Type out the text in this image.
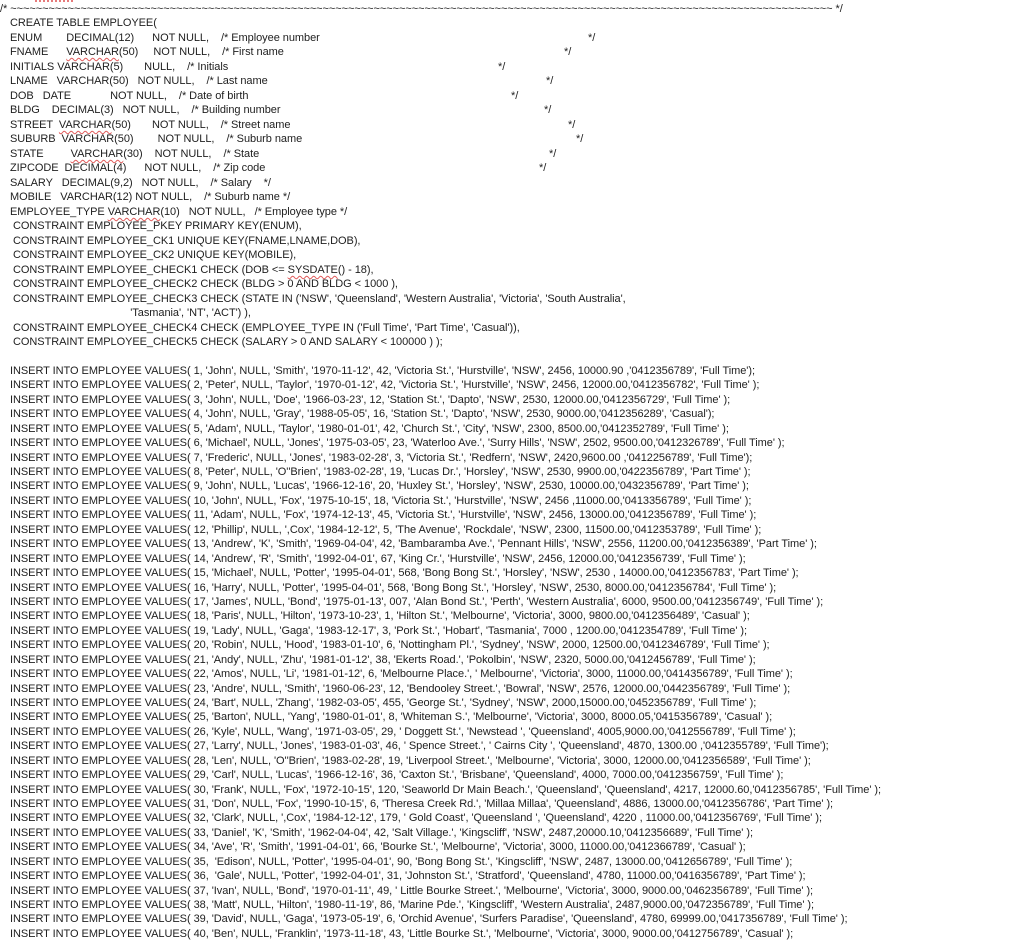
/* ~~~~~~~~~~~~~~~~~~~~~~~~~~~~~~~~~~~~~~~~~~~~~~~~~~~~~~~~~~~~~~~~~~~~~~~~~~~~~~~~~~~~~~~~~~~~~~~~~~~~~~~~~~~~~~~~~~~~~~~~~~~~~~~~~ */
CREATE TABLE EMPLOYEE(
ENUM        DECIMAL(12)      NOT NULL,    /* Employee number	*/
FNAME      VARCHAR(50)     NOT NULL,    /* First name	*/
INITIALS VARCHAR(5)       NULL,    /* Initials	*/
LNAME   VARCHAR(50)   NOT NULL,    /* Last name	*/
DOB   DATE             NOT NULL,    /* Date of birth	*/
BLDG    DECIMAL(3)   NOT NULL,    /* Building number	*/
STREET  VARCHAR(50)       NOT NULL,    /* Street name	*/
SUBURB  VARCHAR(50)        NOT NULL,    /* Suburb name	*/
STATE         VARCHAR(30)    NOT NULL,    /* State	*/
ZIPCODE  DECIMAL(4)      NOT NULL,    /* Zip code	*/
SALARY   DECIMAL(9,2)   NOT NULL,    /* Salary    */
MOBILE   VARCHAR(12) NOT NULL,    /* Suburb name */
EMPLOYEE_TYPE VARCHAR(10)   NOT NULL,   /* Employee type */
CONSTRAINT EMPLOYEE_PKEY PRIMARY KEY(ENUM),
CONSTRAINT EMPLOYEE_CK1 UNIQUE KEY(FNAME,LNAME,DOB),
CONSTRAINT EMPLOYEE_CK2 UNIQUE KEY(MOBILE),
CONSTRAINT EMPLOYEE_CHECK1 CHECK (DOB <= SYSDATE() - 18),
CONSTRAINT EMPLOYEE_CHECK2 CHECK (BLDG > 0 AND BLDG < 1000 ),
CONSTRAINT EMPLOYEE_CHECK3 CHECK (STATE IN ('NSW', 'Queensland', 'Western Australia', 'Victoria', 'South Australia',
'Tasmania', 'NT', 'ACT') ),
CONSTRAINT EMPLOYEE_CHECK4 CHECK (EMPLOYEE_TYPE IN ('Full Time', 'Part Time', 'Casual')),
CONSTRAINT EMPLOYEE_CHECK5 CHECK (SALARY > 0 AND SALARY < 100000 ) );
INSERT INTO EMPLOYEE VALUES( 1, 'John', NULL, 'Smith', '1970-11-12', 42, 'Victoria St.', 'Hurstville', 'NSW', 2456, 10000.90 ,'0412356789', 'Full Time');
INSERT INTO EMPLOYEE VALUES( 2, 'Peter', NULL, 'Taylor', '1970-01-12', 42, 'Victoria St.', 'Hurstville', 'NSW', 2456, 12000.00,'0412356782', 'Full Time' );
INSERT INTO EMPLOYEE VALUES( 3, 'John', NULL, 'Doe', '1966-03-23', 12, 'Station St.', 'Dapto', 'NSW', 2530, 12000.00,'0412356729', 'Full Time' );
INSERT INTO EMPLOYEE VALUES( 4, 'John', NULL, 'Gray', '1988-05-05', 16, 'Station St.', 'Dapto', 'NSW', 2530, 9000.00,'0412356289', 'Casual');
INSERT INTO EMPLOYEE VALUES( 5, 'Adam', NULL, 'Taylor', '1980-01-01', 42, 'Church St.', 'City', 'NSW', 2300, 8500.00,'0412352789', 'Full Time' );
INSERT INTO EMPLOYEE VALUES( 6, 'Michael', NULL, 'Jones', '1975-03-05', 23, 'Waterloo Ave.', 'Surry Hills', 'NSW', 2502, 9500.00,'0412326789', 'Full Time' );
INSERT INTO EMPLOYEE VALUES( 7, 'Frederic', NULL, 'Jones', '1983-02-28', 3, 'Victoria St.', 'Redfern', 'NSW', 2420,9600.00 ,'0412256789', 'Full Time');
INSERT INTO EMPLOYEE VALUES( 8, 'Peter', NULL, 'O''Brien', '1983-02-28', 19, 'Lucas Dr.', 'Horsley', 'NSW', 2530, 9900.00,'0422356789', 'Part Time' );
INSERT INTO EMPLOYEE VALUES( 9, 'John', NULL, 'Lucas', '1966-12-16', 20, 'Huxley St.', 'Horsley', 'NSW', 2530, 10000.00,'0432356789', 'Part Time' );
INSERT INTO EMPLOYEE VALUES( 10, 'John', NULL, 'Fox', '1975-10-15', 18, 'Victoria St.', 'Hurstville', 'NSW', 2456 ,11000.00,'0413356789', 'Full Time' );
INSERT INTO EMPLOYEE VALUES( 11, 'Adam', NULL, 'Fox', '1974-12-13', 45, 'Victoria St.', 'Hurstville', 'NSW', 2456, 13000.00,'0412356789', 'Full Time' );
INSERT INTO EMPLOYEE VALUES( 12, 'Phillip', NULL, ',Cox', '1984-12-12', 5, 'The Avenue', 'Rockdale', 'NSW', 2300, 11500.00,'0412353789', 'Full Time' );
INSERT INTO EMPLOYEE VALUES( 13, 'Andrew', 'K', 'Smith', '1969-04-04', 42, 'Bambaramba Ave.', 'Pennant Hills', 'NSW', 2556, 11200.00,'0412356389', 'Part Time' );
INSERT INTO EMPLOYEE VALUES( 14, 'Andrew', 'R', 'Smith', '1992-04-01', 67, 'King Cr.', 'Hurstville', 'NSW', 2456, 12000.00,'0412356739', 'Full Time' );
INSERT INTO EMPLOYEE VALUES( 15, 'Michael', NULL, 'Potter', '1995-04-01', 568, 'Bong Bong St.', 'Horsley', 'NSW', 2530 , 14000.00,'0412356783', 'Part Time' );
INSERT INTO EMPLOYEE VALUES( 16, 'Harry', NULL, 'Potter', '1995-04-01', 568, 'Bong Bong St.', 'Horsley', 'NSW', 2530, 8000.00,'0412356784', 'Full Time' );
INSERT INTO EMPLOYEE VALUES( 17, 'James', NULL, 'Bond', '1975-01-13', 007, 'Alan Bond St.', 'Perth', 'Western Australia', 6000, 9500.00,'0412356749', 'Full Time' );
INSERT INTO EMPLOYEE VALUES( 18, 'Paris', NULL, 'Hilton', '1973-10-23', 1, 'Hilton St.', 'Melbourne', 'Victoria', 3000, 9800.00,'0412356489', 'Casual' );
INSERT INTO EMPLOYEE VALUES( 19, 'Lady', NULL, 'Gaga', '1983-12-17', 3, 'Pork St.', 'Hobart', 'Tasmania', 7000 , 1200.00,'0412354789', 'Full Time' );
INSERT INTO EMPLOYEE VALUES( 20, 'Robin', NULL, 'Hood', '1983-01-10', 6, 'Nottingham Pl.', 'Sydney', 'NSW', 2000, 12500.00,'0412346789', 'Full Time' );
INSERT INTO EMPLOYEE VALUES( 21, 'Andy', NULL, 'Zhu', '1981-01-12', 38, 'Ekerts Road.', 'Pokolbin', 'NSW', 2320, 5000.00,'0412456789', 'Full Time' );
INSERT INTO EMPLOYEE VALUES( 22, 'Amos', NULL, 'Li', '1981-01-12', 6, 'Melbourne Place.', ' Melbourne', 'Victoria', 3000, 11000.00,'0414356789', 'Full Time' );
INSERT INTO EMPLOYEE VALUES( 23, 'Andre', NULL, 'Smith', '1960-06-23', 12, 'Bendooley Street.', 'Bowral', 'NSW', 2576, 12000.00,'0442356789', 'Full Time' );
INSERT INTO EMPLOYEE VALUES( 24, 'Bart', NULL, 'Zhang', '1982-03-05', 455, 'George St.', 'Sydney', 'NSW', 2000,15000.00,'0452356789', 'Full Time' );
INSERT INTO EMPLOYEE VALUES( 25, 'Barton', NULL, 'Yang', '1980-01-01', 8, 'Whiteman S.', 'Melbourne', 'Victoria', 3000, 8000.05,'0415356789', 'Casual' );
INSERT INTO EMPLOYEE VALUES( 26, 'Kyle', NULL, 'Wang', '1971-03-05', 29, ' Doggett St.', 'Newstead ', 'Queensland', 4005,9000.00,'0412556789', 'Full Time' );
INSERT INTO EMPLOYEE VALUES( 27, 'Larry', NULL, 'Jones', '1983-01-03', 46, ' Spence Street.', ' Cairns City ', 'Queensland', 4870, 1300.00 ,'0412355789', 'Full Time');
INSERT INTO EMPLOYEE VALUES( 28, 'Len', NULL, 'O''Brien', '1983-02-28', 19, 'Liverpool Street.', 'Melbourne', 'Victoria', 3000, 12000.00,'0412356589', 'Full Time' );
INSERT INTO EMPLOYEE VALUES( 29, 'Carl', NULL, 'Lucas', '1966-12-16', 36, 'Caxton St.', 'Brisbane', 'Queensland', 4000, 7000.00,'0412356759', 'Full Time' );
INSERT INTO EMPLOYEE VALUES( 30, 'Frank', NULL, 'Fox', '1972-10-15', 120, 'Seaworld Dr Main Beach.', 'Queensland', 'Queensland', 4217, 12000.60,'0412356785', 'Full Time' );
INSERT INTO EMPLOYEE VALUES( 31, 'Don', NULL, 'Fox', '1990-10-15', 6, 'Theresa Creek Rd.', 'Millaa Millaa', 'Queensland', 4886, 13000.00,'0412356786', 'Part Time' );
INSERT INTO EMPLOYEE VALUES( 32, 'Clark', NULL, ',Cox', '1984-12-12', 179, ' Gold Coast', 'Queensland ', 'Queensland', 4220 , 11000.00,'0412356769', 'Full Time' );
INSERT INTO EMPLOYEE VALUES( 33, 'Daniel', 'K', 'Smith', '1962-04-04', 42, 'Salt Village.', 'Kingscliff', 'NSW', 2487,20000.10,'0412356689', 'Full Time' );
INSERT INTO EMPLOYEE VALUES( 34, 'Ave', 'R', 'Smith', '1991-04-01', 66, 'Bourke St.', 'Melbourne', 'Victoria', 3000, 11000.00,'0412366789', 'Casual' );
INSERT INTO EMPLOYEE VALUES( 35,  'Edison', NULL, 'Potter', '1995-04-01', 90, 'Bong Bong St.', 'Kingscliff', 'NSW', 2487, 13000.00,'0412656789', 'Full Time' );
INSERT INTO EMPLOYEE VALUES( 36,  'Gale', NULL, 'Potter', '1992-04-01', 31, 'Johnston St.', 'Stratford', 'Queensland', 4780, 11000.00,'0416356789', 'Part Time' );
INSERT INTO EMPLOYEE VALUES( 37, 'Ivan', NULL, 'Bond', '1970-01-11', 49, ' Little Bourke Street.', 'Melbourne', 'Victoria', 3000, 9000.00,'0462356789', 'Full Time' );
INSERT INTO EMPLOYEE VALUES( 38, 'Matt', NULL, 'Hilton', '1980-11-19', 86, 'Marine Pde.', 'Kingscliff', 'Western Australia', 2487,9000.00,'0472356789', 'Full Time' );
INSERT INTO EMPLOYEE VALUES( 39, 'David', NULL, 'Gaga', '1973-05-19', 6, 'Orchid Avenue', 'Surfers Paradise', 'Queensland', 4780, 69999.00,'0417356789', 'Full Time' );
INSERT INTO EMPLOYEE VALUES( 40, 'Ben', NULL, 'Franklin', '1973-11-18', 43, 'Little Bourke St.', 'Melbourne', 'Victoria', 3000, 9000.00,'0412756789', 'Casual' );
